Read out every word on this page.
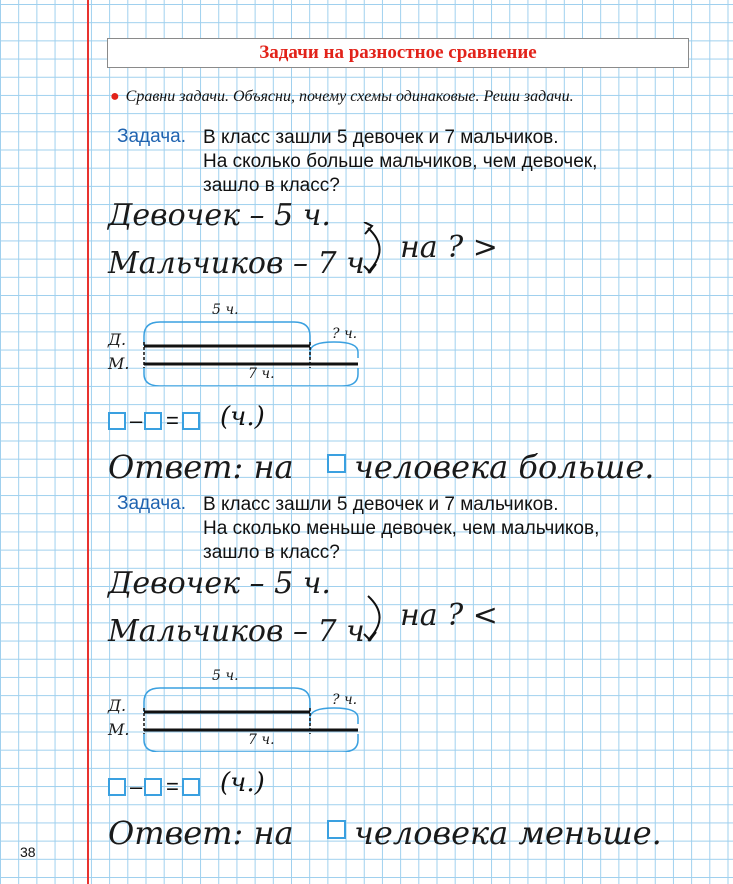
Задачи на разностное сравнение
● Сравни задачи. Объясни, почему схемы одинаковые. Реши задачи.
Задача. В класс зашли 5 девочек и 7 мальчиков.
На сколько больше мальчиков, чем девочек,
зашло в класс?
Девочек – 5 ч.
Мальчиков – 7 ч. на ? >
5 ч.
? ч.
Д.
М.
7 ч.
– = (ч.)
Ответ: на человека больше.
Задача. В класс зашли 5 девочек и 7 мальчиков.
На сколько меньше девочек, чем мальчиков,
зашло в класс?
Девочек – 5 ч.
Мальчиков – 7 ч. на ? <
5 ч.
? ч.
Д.
М.
7 ч.
– = (ч.)
Ответ: на человека меньше.
38
